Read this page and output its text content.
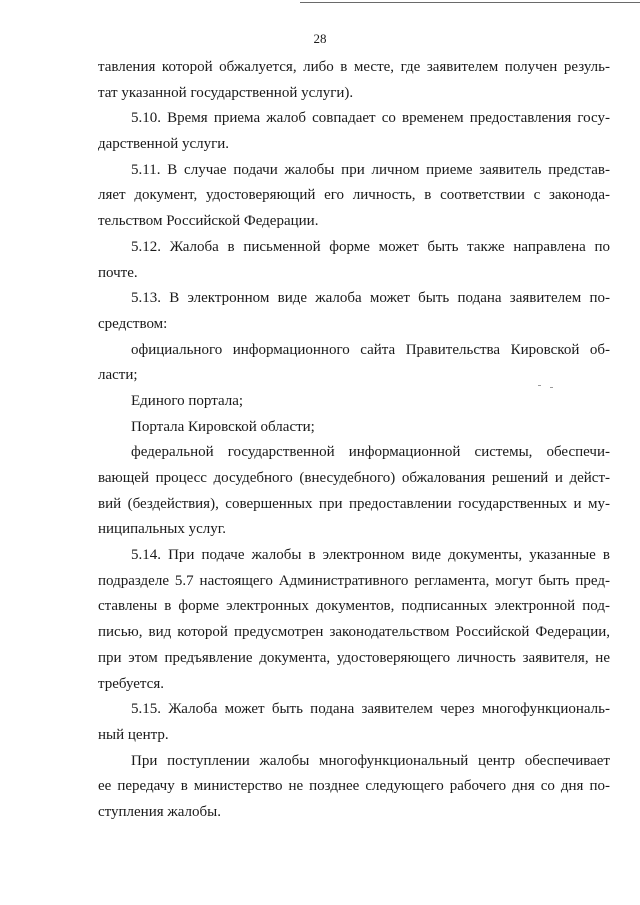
28
тавления которой обжалуется, либо в месте, где заявителем получен резуль-
тат указанной государственной услуги).
5.10. Время приема жалоб совпадает со временем предоставления госу-
дарственной услуги.
5.11. В случае подачи жалобы при личном приеме заявитель представ-
ляет документ, удостоверяющий его личность, в соответствии с законода-
тельством Российской Федерации.
5.12. Жалоба в письменной форме может быть также направлена по
почте.
5.13. В электронном виде жалоба может быть подана заявителем по-
средством:
официального информационного сайта Правительства Кировской об-
ласти;
Единого портала;
Портала Кировской области;
федеральной государственной информационной системы, обеспечи-
вающей процесс досудебного (внесудебного) обжалования решений и дейст-
вий (бездействия), совершенных при предоставлении государственных и му-
ниципальных услуг.
5.14. При подаче жалобы в электронном виде документы, указанные в
подразделе 5.7 настоящего Административного регламента, могут быть пред-
ставлены в форме электронных документов, подписанных электронной под-
писью, вид которой предусмотрен законодательством Российской Федерации,
при этом предъявление документа, удостоверяющего личность заявителя, не
требуется.
5.15. Жалоба может быть подана заявителем через многофункциональ-
ный центр.
При поступлении жалобы многофункциональный центр обеспечивает
ее передачу в министерство не позднее следующего рабочего дня со дня по-
ступления жалобы.
